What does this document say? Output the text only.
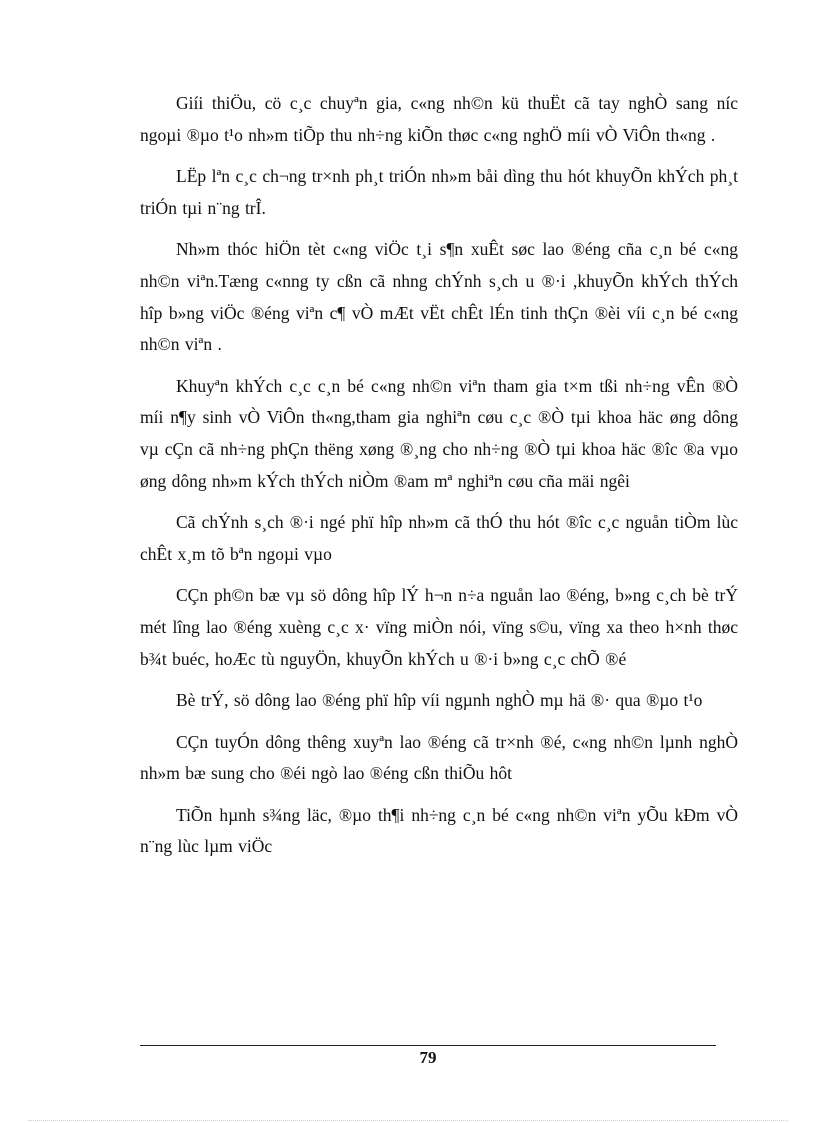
Giíi thiÖu, cö c¸c chuyªn gia, c«ng nh©n kü thuËt cã tay nghÒ sang níc ngoµi ®µo t¹o nh»m tiÕp thu nh÷ng kiÕn thøc c«ng nghÖ míi vÒ ViÔn th«ng .

LËp lªn c¸c ch¬ng tr×nh ph¸t triÓn nh»m båi dìng thu hót khuyÕn khÝch ph¸t triÓn tµi n¨ng trÎ.

Nh»m thóc hiÖn tèt c«ng viÖc t¸i s¶n xuÊt søc lao ®éng cña c¸n bé c«ng nh©n viªn.Tæng c«nng ty cßn cã nhng chÝnh s¸ch u ®·i ,khuyÕn khÝch thÝch hîp b»ng viÖc ®éng viªn c¶ vÒ mÆt vËt chÊt lÉn tinh thÇn ®èi víi c¸n bé c«ng nh©n viªn .

Khuyªn khÝch c¸c c¸n bé c«ng nh©n viªn tham gia t×m tßi nh÷ng vÊn ®Ò míi n¶y sinh vÒ ViÔn th«ng,tham gia nghiªn cøu c¸c ®Ò tµi khoa häc øng dông vµ cÇn cã nh÷ng phÇn thëng xøng ®¸ng cho nh÷ng ®Ò tµi khoa häc ®îc ®a vµo øng dông nh»m kÝch thÝch niÒm ®am mª nghiªn cøu cña mäi ngêi

Cã chÝnh s¸ch ®·i ngé phï hîp nh»m cã thÓ thu hót ®îc c¸c nguån tiÒm lùc chÊt x¸m tõ bªn ngoµi vµo

CÇn ph©n bæ vµ sö dông hîp lÝ h¬n n÷a nguån lao ®éng, b»ng c¸ch bè trÝ mét lîng lao ®éng xuèng c¸c x· vïng miÒn nói, vïng s©u, vïng xa theo h×nh thøc b¾t buéc, hoÆc tù nguyÖn, khuyÕn khÝch u ®·i b»ng c¸c chÕ ®é

Bè trÝ, sö dông lao ®éng phï hîp víi ngµnh nghÒ mµ hä ®· qua ®µo t¹o

CÇn tuyÓn dông thêng xuyªn lao ®éng cã tr×nh ®é, c«ng nh©n lµnh nghÒ nh»m bæ sung cho ®éi ngò lao ®éng cßn thiÕu hôt

TiÕn hµnh s¾ng läc, ®µo th¶i nh÷ng c¸n bé c«ng nh©n viªn yÕu kÐm vÒ n¨ng lùc lµm viÖc

79
